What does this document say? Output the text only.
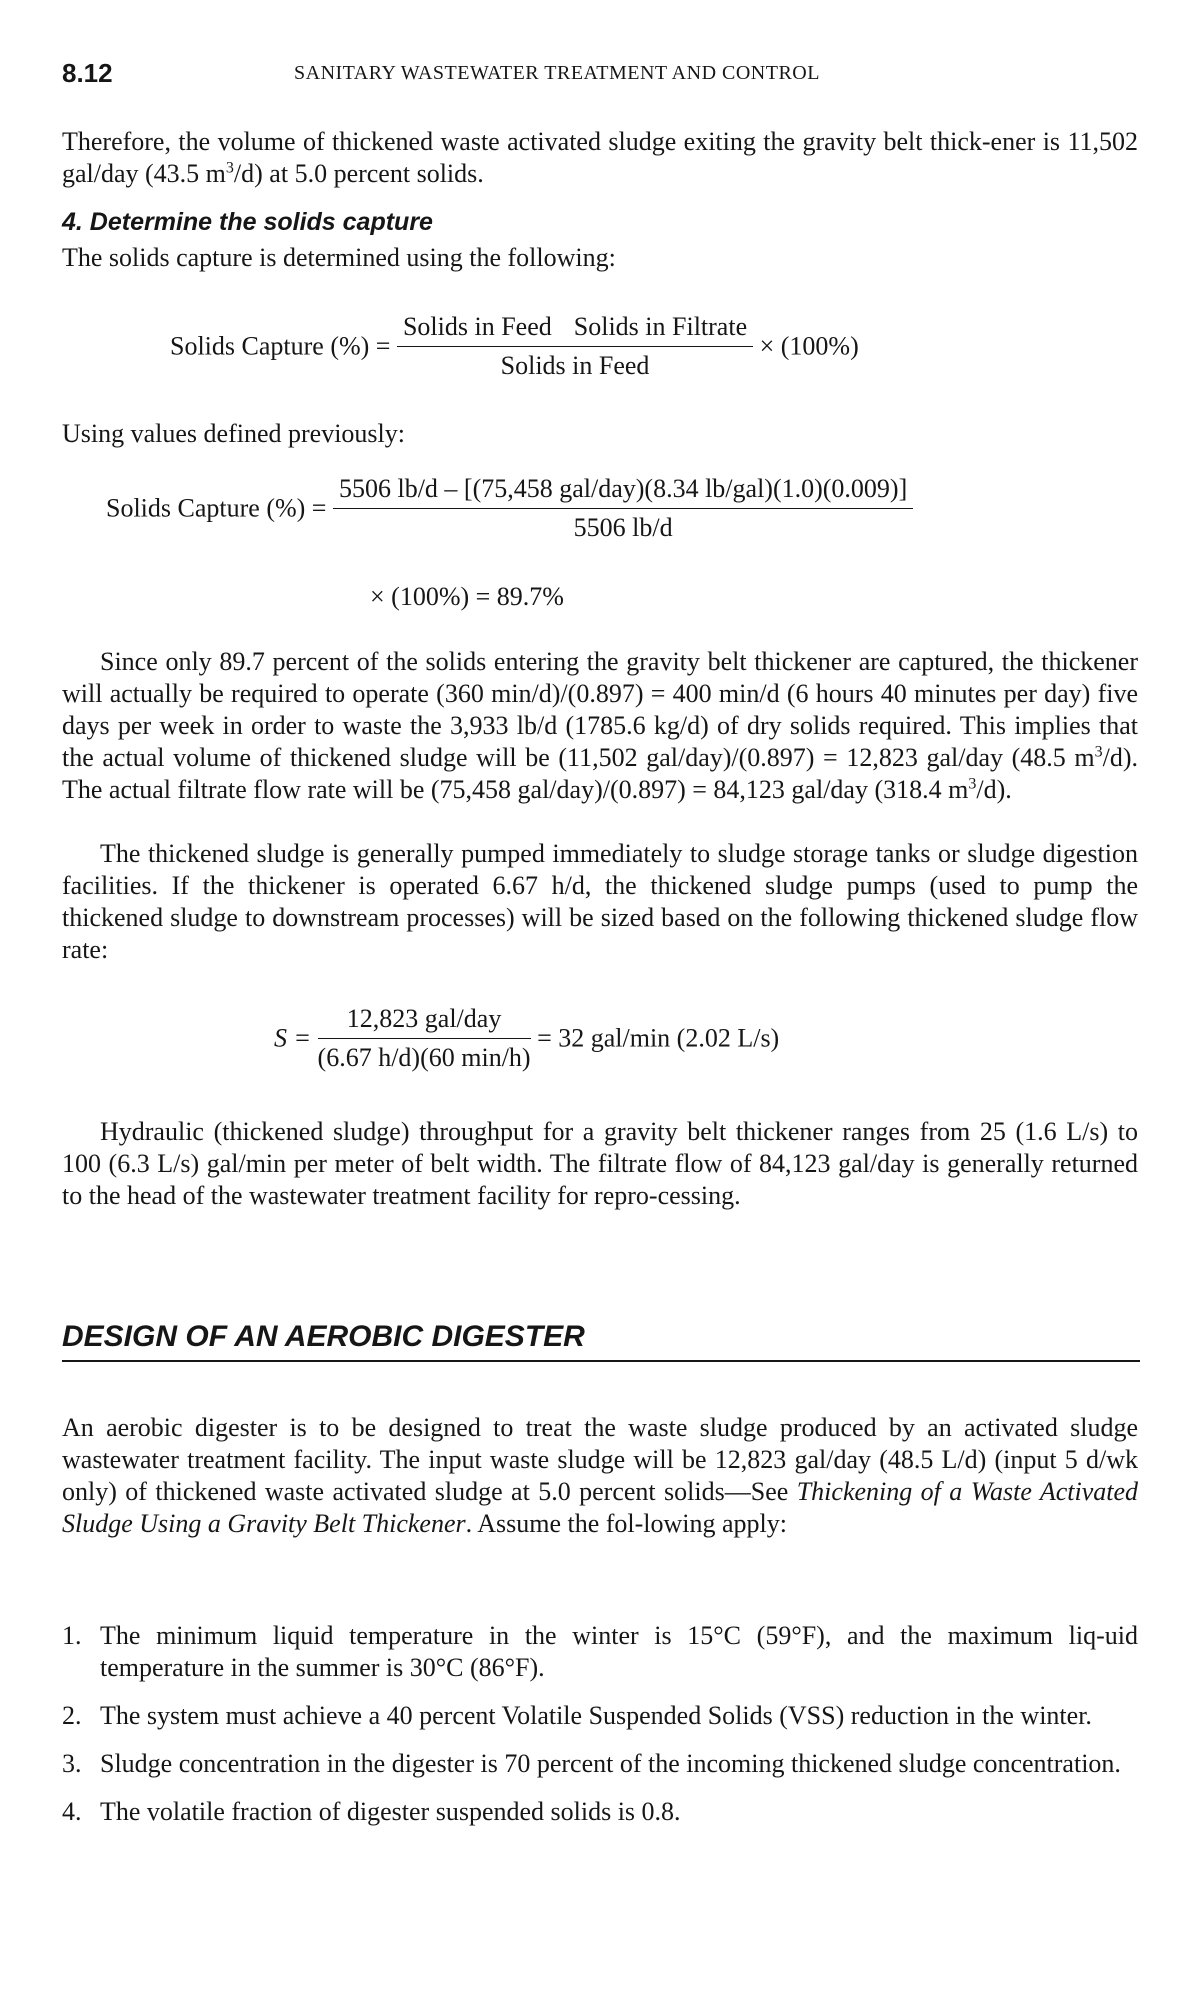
8.12	SANITARY WASTEWATER TREATMENT AND CONTROL

Therefore, the volume of thickened waste activated sludge exiting the gravity belt thick-ener is 11,502 gal/day (43.5 $m^3/d$) at 5.0 percent solids.

4. Determine the solids capture

The solids capture is determined using the following:

Solids Capture (%) = $\frac{\text{Solids in Feed Solids in Filtrate}}{\text{Solids in Feed}} \times (100\%)$

Using values defined previously:

Solids Capture (%) = $\frac{\text{5506 lb/d – [(75,458 gal/day)(8.34 lb/gal)(1.0)(0.009)]}}{5506 lb/d}$
× (100%) = 89.7%

Since only 89.7 percent of the solids entering the gravity belt thickener are captured, the thickener will actually be required to operate (360 min/d)/(0.897) = 400 min/d (6 hours 40 minutes per day) five days per week in order to waste the 3,933 lb/d (1785.6 kg/d) of dry solids required. This implies that the actual volume of thickened sludge will be (11,502 gal/day)/(0.897) = 12,823 gal/day (48.5 $m^3/d$). The actual filtrate flow rate will be (75,458 gal/day)/(0.897) = 84,123 gal/day (318.4 $m^3/d$).

The thickened sludge is generally pumped immediately to sludge storage tanks or sludge digestion facilities. If the thickener is operated 6.67 h/d, the thickened sludge pumps (used to pump the thickened sludge to downstream processes) will be sized based on the following thickened sludge flow rate:

$S = \frac{\text{12,823 gal/day}}{(6.67 h/d)(60 \min/h)} = 32$ gal/min (2.02 L/s)

Hydraulic (thickened sludge) throughput for a gravity belt thickener ranges from 25 (1.6 L/s) to 100 (6.3 L/s) gal/min per meter of belt width. The filtrate flow of 84,123 gal/day is generally returned to the head of the wastewater treatment facility for repro-cessing.

DESIGN OF AN AEROBIC DIGESTER

An aerobic digester is to be designed to treat the waste sludge produced by an activated sludge wastewater treatment facility. The input waste sludge will be 12,823 gal/day (48.5 L/d) (input 5 d/wk only) of thickened waste activated sludge at 5.0 percent solids—See Thickening of a Waste Activated Sludge Using a Gravity Belt Thickener. Assume the fol-lowing apply:

1. The minimum liquid temperature in the winter is 15°C (59°F), and the maximum liq-uid temperature in the summer is 30°C (86°F).
2. The system must achieve a 40 percent Volatile Suspended Solids (VSS) reduction in the winter.
3. Sludge concentration in the digester is 70 percent of the incoming thickened sludge concentration.
4. The volatile fraction of digester suspended solids is 0.8.
